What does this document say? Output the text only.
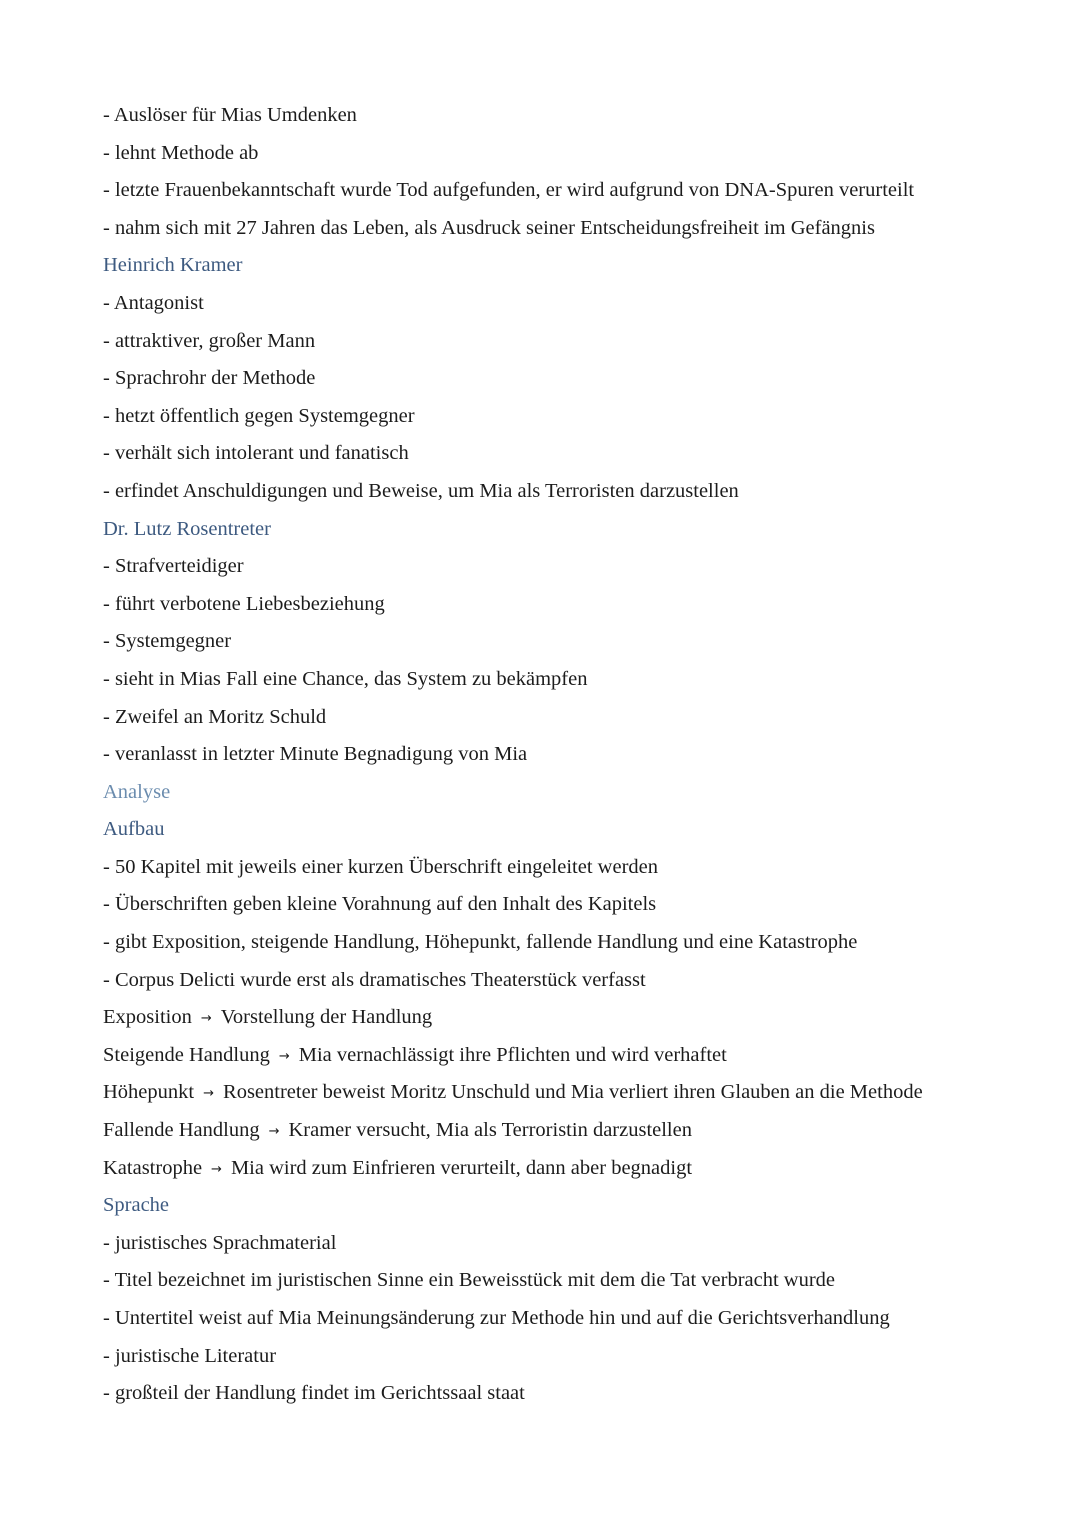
- Auslöser für Mias Umdenken
- lehnt Methode ab
- letzte Frauenbekanntschaft wurde Tod aufgefunden, er wird aufgrund von DNA-Spuren verurteilt
- nahm sich mit 27 Jahren das Leben, als Ausdruck seiner Entscheidungsfreiheit im Gefängnis
Heinrich Kramer
- Antagonist
- attraktiver, großer Mann
- Sprachrohr der Methode
- hetzt öffentlich gegen Systemgegner
- verhält sich intolerant und fanatisch
- erfindet Anschuldigungen und Beweise, um Mia als Terroristen darzustellen
Dr. Lutz Rosentreter
- Strafverteidiger
- führt verbotene Liebesbeziehung
- Systemgegner
- sieht in Mias Fall eine Chance, das System zu bekämpfen
- Zweifel an Moritz Schuld
- veranlasst in letzter Minute Begnadigung von Mia
Analyse
Aufbau
- 50 Kapitel mit jeweils einer kurzen Überschrift eingeleitet werden
- Überschriften geben kleine Vorahnung auf den Inhalt des Kapitels
- gibt Exposition, steigende Handlung, Höhepunkt, fallende Handlung und eine Katastrophe
- Corpus Delicti wurde erst als dramatisches Theaterstück verfasst
Exposition → Vorstellung der Handlung
Steigende Handlung → Mia vernachlässigt ihre Pflichten und wird verhaftet
Höhepunkt → Rosentreter beweist Moritz Unschuld und Mia verliert ihren Glauben an die Methode
Fallende Handlung → Kramer versucht, Mia als Terroristin darzustellen
Katastrophe → Mia wird zum Einfrieren verurteilt, dann aber begnadigt
Sprache
- juristisches Sprachmaterial
- Titel bezeichnet im juristischen Sinne ein Beweisstück mit dem die Tat verbracht wurde
- Untertitel weist auf Mia Meinungsänderung zur Methode hin und auf die Gerichtsverhandlung
- juristische Literatur
- großteil der Handlung findet im Gerichtssaal staat
